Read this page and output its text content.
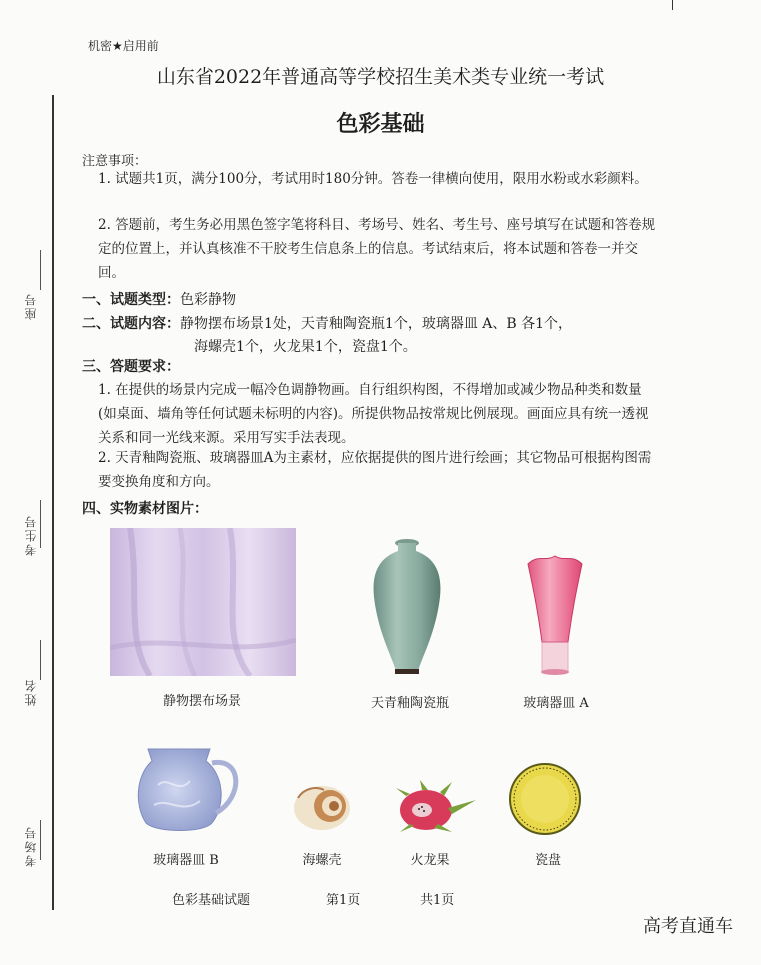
座号
考生号
姓名
考场号
机密★启用前
山东省2022年普通高等学校招生美术类专业统一考试
色彩基础
注意事项：
1. 试题共1页，满分100分，考试用时180分钟。答卷一律横向使用，限用水粉或水彩颜料。
2. 答题前，考生务必用黑色签字笔将科目、考场号、姓名、考生号、座号填写在试题和答卷规定的位置上，并认真核准不干胶考生信息条上的信息。考试结束后，将本试题和答卷一并交回。
一、试题类型：色彩静物
二、试题内容：静物摆布场景1处，天青釉陶瓷瓶1个，玻璃器皿 A、B 各1个，
海螺壳1个，火龙果1个，瓷盘1个。
三、答题要求：
1. 在提供的场景内完成一幅冷色调静物画。自行组织构图，不得增加或减少物品种类和数量(如桌面、墙角等任何试题未标明的内容)。所提供物品按常规比例展现。画面应具有统一透视关系和同一光线来源。采用写实手法表现。
2. 天青釉陶瓷瓶、玻璃器皿A为主素材，应依据提供的图片进行绘画；其它物品可根据构图需要变换角度和方向。
四、实物素材图片：
静物摆布场景	天青釉陶瓷瓶	玻璃器皿 A
玻璃器皿 B	海螺壳	火龙果	瓷盘
色彩基础试题	第1页	共1页
高考直通车
